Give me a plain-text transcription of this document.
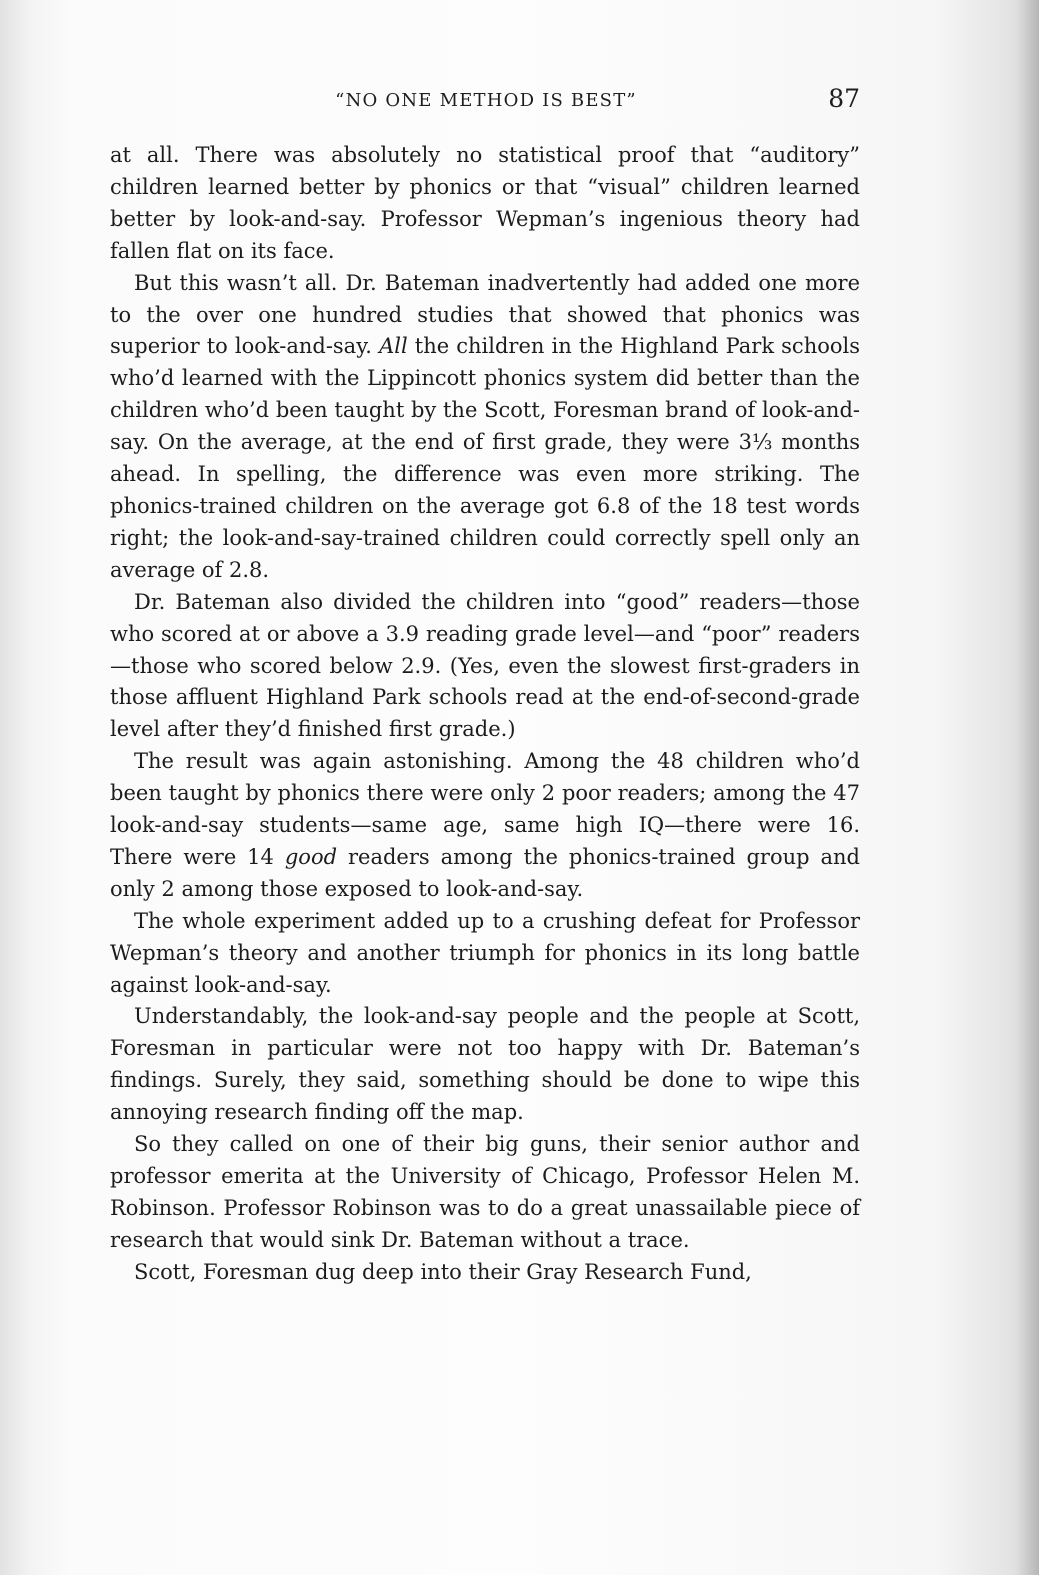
“NO ONE METHOD IS BEST”	87

at all. There was absolutely no statistical proof that “auditory” children learned better by phonics or that “visual” children learned better by look-and-say. Professor Wepman’s ingenious theory had fallen flat on its face.

But this wasn’t all. Dr. Bateman inadvertently had added one more to the over one hundred studies that showed that phonics was superior to look-and-say. All the children in the Highland Park schools who’d learned with the Lippincott phonics system did better than the children who’d been taught by the Scott, Foresman brand of look-and-say. On the average, at the end of first grade, they were 3⅓ months ahead. In spelling, the difference was even more striking. The phonics-trained children on the average got 6.8 of the 18 test words right; the look-and-say-trained children could correctly spell only an average of 2.8.

Dr. Bateman also divided the children into “good” readers—those who scored at or above a 3.9 reading grade level—and “poor” readers—those who scored below 2.9. (Yes, even the slowest first-graders in those affluent Highland Park schools read at the end-of-second-grade level after they’d finished first grade.)

The result was again astonishing. Among the 48 children who’d been taught by phonics there were only 2 poor readers; among the 47 look-and-say students—same age, same high IQ—there were 16. There were 14 good readers among the phonics-trained group and only 2 among those exposed to look-and-say.

The whole experiment added up to a crushing defeat for Professor Wepman’s theory and another triumph for phonics in its long battle against look-and-say.

Understandably, the look-and-say people and the people at Scott, Foresman in particular were not too happy with Dr. Bateman’s findings. Surely, they said, something should be done to wipe this annoying research finding off the map.

So they called on one of their big guns, their senior author and professor emerita at the University of Chicago, Professor Helen M. Robinson. Professor Robinson was to do a great unassailable piece of research that would sink Dr. Bateman without a trace.

Scott, Foresman dug deep into their Gray Research Fund,
